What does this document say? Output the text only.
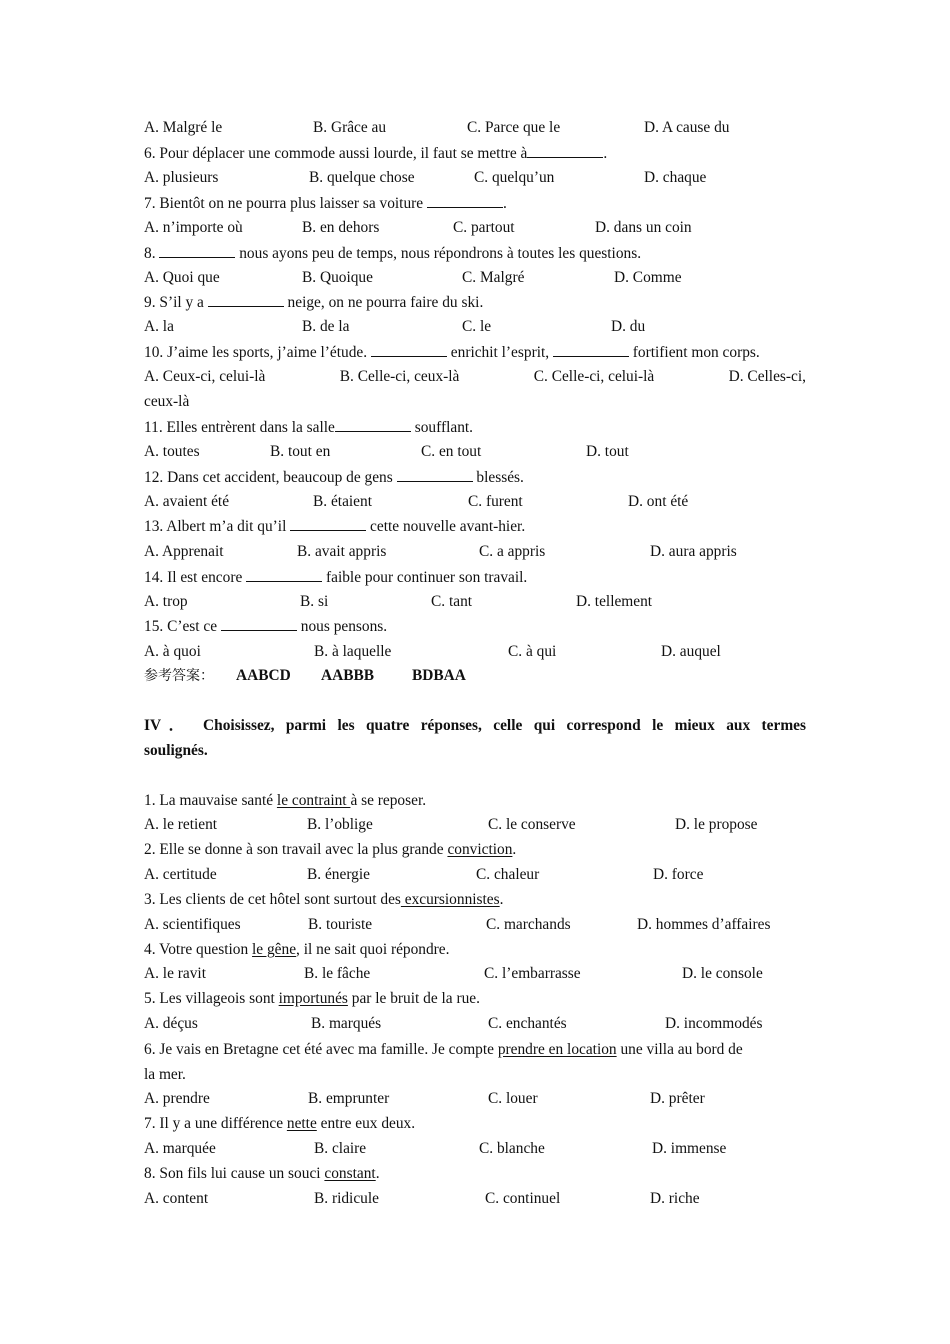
A. Malgré le	B. Grâce au	C. Parce que le	D. A cause du
6. Pour déplacer une commode aussi lourde, il faut se mettre à	.
A. plusieurs	B. quelque chose	C. quelqu’un	D. chaque
7. Bientôt on ne pourra plus laisser sa voiture	.
A. n’importe où	B. en dehors	C. partout	D. dans un coin
8.	nous ayons peu de temps, nous répondrons à toutes les questions.
A. Quoi que	B. Quoique	C. Malgré	D. Comme
9. S’il y a	neige, on ne pourra faire du ski.
A. la	B. de la	C. le	D. du
10. J’aime les sports, j’aime l’étude.	enrichit l’esprit,	fortifient mon corps.
A. Ceux-ci, celui-là	B. Celle-ci, ceux-là	C. Celle-ci, celui-là	D. Celles-ci,
ceux-là
11. Elles entrèrent dans la salle	soufflant.
A. toutes	B. tout en	C. en tout	D. tout
12. Dans cet accident, beaucoup de gens	blessés.
A. avaient été	B. étaient	C. furent	D. ont été
13. Albert m’a dit qu’il	cette nouvelle avant-hier.
A. Apprenait	B. avait appris	C. a appris	D. aura appris
14. Il est encore	faible pour continuer son travail.
A. trop	B. si	C. tant	D. tellement
15. C’est ce	nous pensons.
A. à quoi	B. à laquelle	C. à qui	D. auquel
参考答案： AABCD AABBB BDBAA
IV． Choisissez, parmi les quatre réponses, celle qui correspond le mieux aux termes
soulignés.
1. La mauvaise santé le contraint à se reposer.
A. le retient	B. l’oblige	C. le conserve	D. le propose
2. Elle se donne à son travail avec la plus grande conviction.
A. certitude	B. énergie	C. chaleur	D. force
3. Les clients de cet hôtel sont surtout des excursionnistes.
A. scientifiques	B. touriste	C. marchands	D. hommes d’affaires
4. Votre question le gêne, il ne sait quoi répondre.
A. le ravit	B. le fâche	C. l’embarrasse	D. le console
5. Les villageois sont importunés par le bruit de la rue.
A. déçus	B. marqués	C. enchantés	D. incommodés
6. Je vais en Bretagne cet été avec ma famille. Je compte prendre en location une villa au bord de
la mer.
A. prendre	B. emprunter	C. louer	D. prêter
7. Il y a une différence nette entre eux deux.
A. marquée	B. claire	C. blanche	D. immense
8. Son fils lui cause un souci constant.
A. content	B. ridicule	C. continuel	D. riche
